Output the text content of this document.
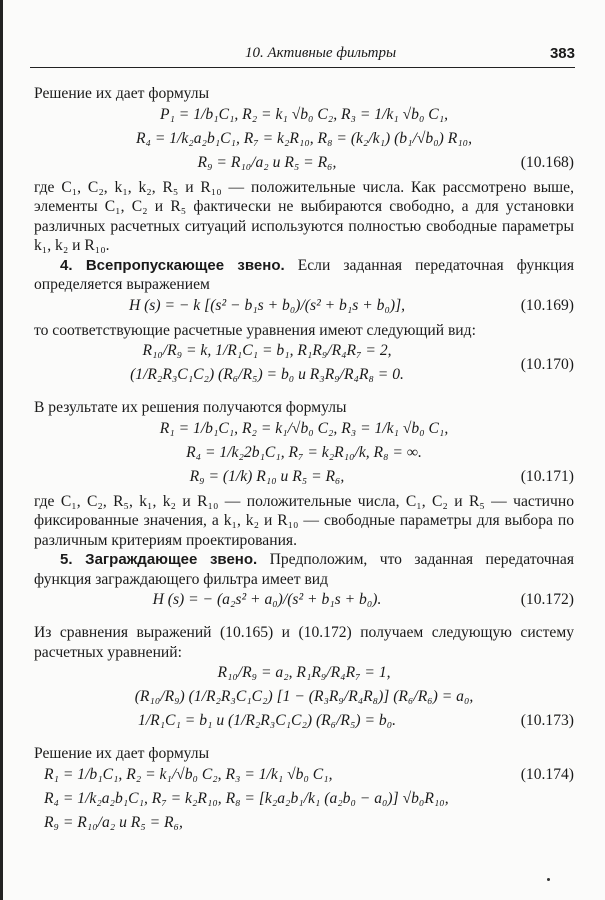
10. Активные фильтры	383

Решение их дает формулы

P₁ = 1/b₁C₁, R₂ = k₁ √b₀ C₂, R₃ = 1/k₁ √b₀ C₁,
R₄ = 1/k₂a₂b₁C₁, R₇ = k₂R₁₀, R₈ = (k₂/k₁) (b₁/√b₀) R₁₀,
R₉ = R₁₀/a₂ и R₅ = R₆,	(10.168)

где C₁, C₂, k₁, k₂, R₅ и R₁₀ — положительные числа. Как рассмотрено выше, элементы C₁, C₂ и R₅ фактически не выбираются свободно, а для установки различных расчетных ситуаций используются полностью свободные параметры k₁, k₂ и R₁₀.

4. Всепропускающее звено. Если заданная передаточная функция определяется выражением

H (s) = − k [(s² − b₁s + b₀)/(s² + b₁s + b₀)],	(10.169)

то соответствующие расчетные уравнения имеют следующий вид:

R₁₀/R₉ = k, 1/R₁C₁ = b₁, R₁R₉/R₄R₇ = 2,
(1/R₂R₃C₁C₂) (R₆/R₅) = b₀ и R₃R₉/R₄R₈ = 0.
(10.170)

В результате их решения получаются формулы

R₁ = 1/b₁C₁, R₂ = k₁/√b₀ C₂, R₃ = 1/k₁ √b₀ C₁,
R₄ = 1/k₂2b₁C₁, R₇ = k₂R₁₀/k, R₈ = ∞.
R₉ = (1/k) R₁₀ и R₅ = R₆,	(10.171)

где C₁, C₂, R₅, k₁, k₂ и R₁₀ — положительные числа, C₁, C₂ и R₅ — частично фиксированные значения, а k₁, k₂ и R₁₀ — свободные параметры для выбора по различным критериям проектирования.

5. Заграждающее звено. Предположим, что заданная передаточная функция заграждающего фильтра имеет вид

H (s) = − (a₂s² + a₀)/(s² + b₁s + b₀).	(10.172)

Из сравнения выражений (10.165) и (10.172) получаем следующую систему расчетных уравнений:

R₁₀/R₉ = a₂, R₁R₉/R₄R₇ = 1,
(R₁₀/R₉) (1/R₂R₃C₁C₂) [1 − (R₃R₉/R₄R₈)] (R₆/R₆) = a₀,
1/R₁C₁ = b₁ и (1/R₂R₃C₁C₂) (R₆/R₅) = b₀.	(10.173)

Решение их дает формулы

R₁ = 1/b₁C₁, R₂ = k₁/√b₀ C₂, R₃ = 1/k₁ √b₀ C₁,	(10.174)
R₄ = 1/k₂a₂b₁C₁, R₇ = k₂R₁₀, R₈ = [k₂a₂b₁/k₁ (a₂b₀ − a₀)] √b₀R₁₀,
R₉ = R₁₀/a₂ и R₅ = R₆,
